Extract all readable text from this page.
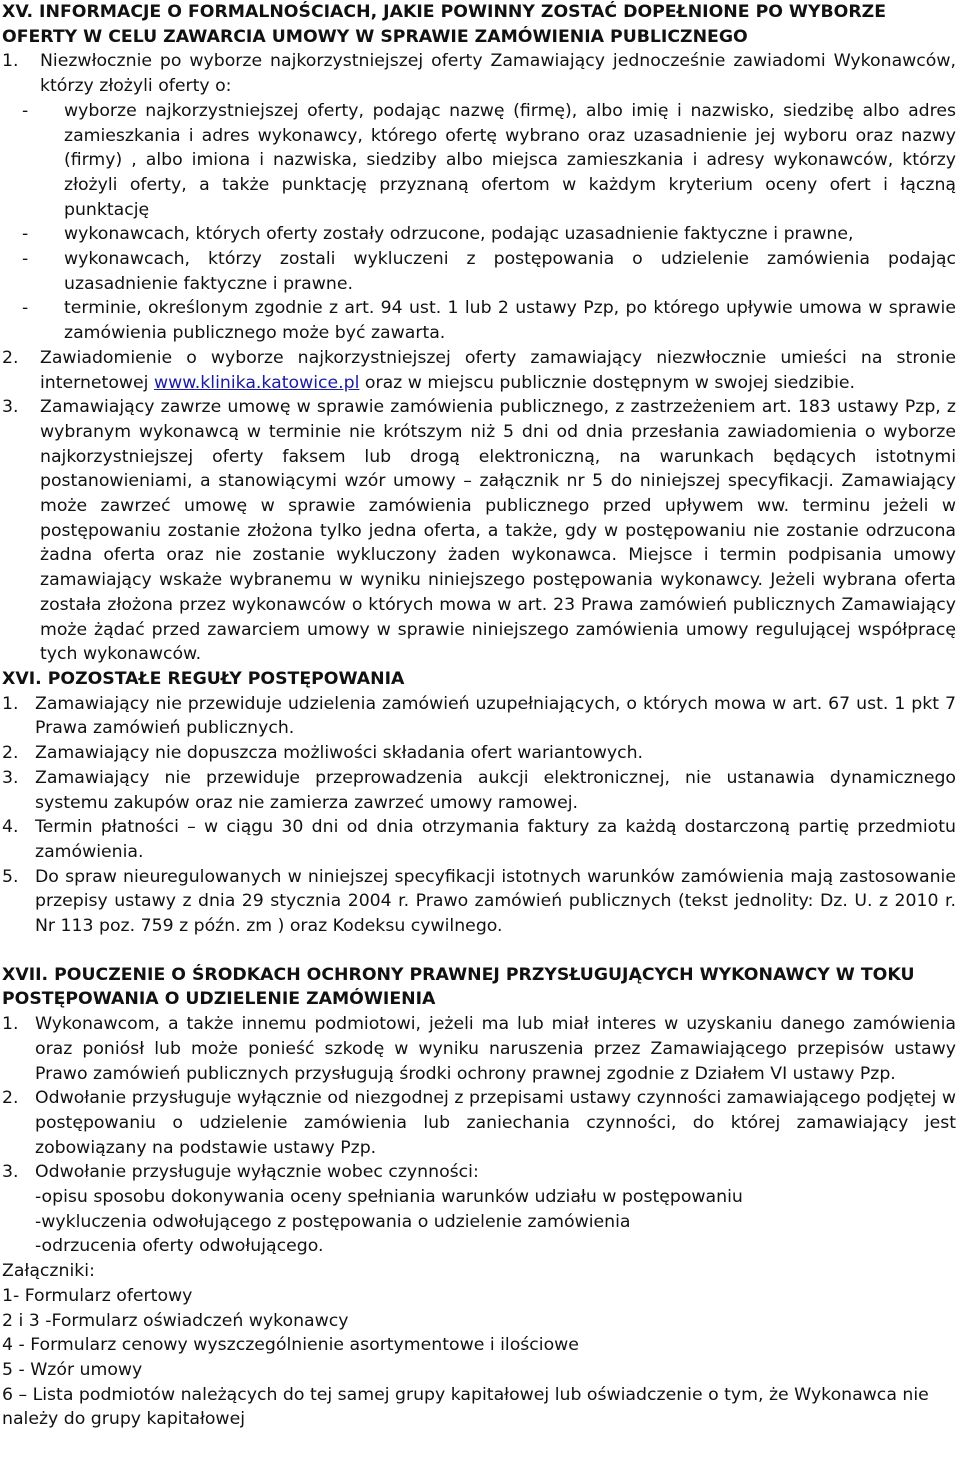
XV. INFORMACJE O FORMALNOŚCIACH, JAKIE POWINNY ZOSTAĆ DOPEŁNIONE PO WYBORZE OFERTY W CELU ZAWARCIA UMOWY W SPRAWIE ZAMÓWIENIA PUBLICZNEGO

1. Niezwłocznie po wyborze najkorzystniejszej oferty Zamawiający jednocześnie zawiadomi Wykonawców, którzy złożyli oferty o:

- wyborze najkorzystniejszej oferty, podając nazwę (firmę), albo imię i nazwisko, siedzibę albo adres zamieszkania i adres wykonawcy, którego ofertę wybrano oraz uzasadnienie jej wyboru oraz nazwy (firmy) , albo imiona i nazwiska, siedziby albo miejsca zamieszkania i adresy wykonawców, którzy złożyli oferty, a także punktację przyznaną ofertom w każdym kryterium oceny ofert i łączną punktację

- wykonawcach, których oferty zostały odrzucone, podając uzasadnienie faktyczne i prawne,

- wykonawcach, którzy zostali wykluczeni z postępowania o udzielenie zamówienia podając uzasadnienie faktyczne i prawne.

- terminie, określonym zgodnie z art. 94 ust. 1 lub 2 ustawy Pzp, po którego upływie umowa w sprawie zamówienia publicznego może być zawarta.

2. Zawiadomienie o wyborze najkorzystniejszej oferty zamawiający niezwłocznie umieści na stronie internetowej www.klinika.katowice.pl oraz w miejscu publicznie dostępnym w swojej siedzibie.

3. Zamawiający zawrze umowę w sprawie zamówienia publicznego, z zastrzeżeniem art. 183 ustawy Pzp, z wybranym wykonawcą w terminie nie krótszym niż 5 dni od dnia przesłania zawiadomienia o wyborze najkorzystniejszej oferty faksem lub drogą elektroniczną, na warunkach będących istotnymi postanowieniami, a stanowiącymi wzór umowy – załącznik nr 5 do niniejszej specyfikacji. Zamawiający może zawrzeć umowę w sprawie zamówienia publicznego przed upływem ww. terminu jeżeli w postępowaniu zostanie złożona tylko jedna oferta, a także, gdy w postępowaniu nie zostanie odrzucona żadna oferta oraz nie zostanie wykluczony żaden wykonawca. Miejsce i termin podpisania umowy zamawiający wskaże wybranemu w wyniku niniejszego postępowania wykonawcy. Jeżeli wybrana oferta została złożona przez wykonawców o których mowa w art. 23 Prawa zamówień publicznych Zamawiający może żądać przed zawarciem umowy w sprawie niniejszego zamówienia umowy regulującej współpracę tych wykonawców.

XVI. POZOSTAŁE REGUŁY POSTĘPOWANIA

1. Zamawiający nie przewiduje udzielenia zamówień uzupełniających, o których mowa w art. 67 ust. 1 pkt 7 Prawa zamówień publicznych.

2. Zamawiający nie dopuszcza możliwości składania ofert wariantowych.

3. Zamawiający nie przewiduje przeprowadzenia aukcji elektronicznej, nie ustanawia dynamicznego systemu zakupów oraz nie zamierza zawrzeć umowy ramowej.

4. Termin płatności – w ciągu 30 dni od dnia otrzymania faktury za każdą dostarczoną partię przedmiotu zamówienia.

5. Do spraw nieuregulowanych w niniejszej specyfikacji istotnych warunków zamówienia mają zastosowanie przepisy ustawy z dnia 29 stycznia 2004 r. Prawo zamówień publicznych (tekst jednolity: Dz. U. z 2010 r. Nr 113 poz. 759 z późn. zm ) oraz Kodeksu cywilnego.

XVII. POUCZENIE O ŚRODKACH OCHRONY PRAWNEJ PRZYSŁUGUJĄCYCH WYKONAWCY W TOKU POSTĘPOWANIA O UDZIELENIE ZAMÓWIENIA

1. Wykonawcom, a także innemu podmiotowi, jeżeli ma lub miał interes w uzyskaniu danego zamówienia oraz poniósł lub może ponieść szkodę w wyniku naruszenia przez Zamawiającego przepisów ustawy Prawo zamówień publicznych przysługują środki ochrony prawnej zgodnie z Działem VI ustawy Pzp.

2. Odwołanie przysługuje wyłącznie od niezgodnej z przepisami ustawy czynności zamawiającego podjętej w postępowaniu o udzielenie zamówienia lub zaniechania czynności, do której zamawiający jest zobowiązany na podstawie ustawy Pzp.

3. Odwołanie przysługuje wyłącznie wobec czynności:

-opisu sposobu dokonywania oceny spełniania warunków udziału w postępowaniu

-wykluczenia odwołującego z postępowania o udzielenie zamówienia

-odrzucenia oferty odwołującego.

Załączniki:

1- Formularz ofertowy

2 i 3 -Formularz oświadczeń wykonawcy

4 - Formularz cenowy wyszczególnienie asortymentowe i ilościowe

5 - Wzór umowy

6 – Lista podmiotów należących do tej samej grupy kapitałowej lub oświadczenie o tym, że Wykonawca nie należy do grupy kapitałowej
